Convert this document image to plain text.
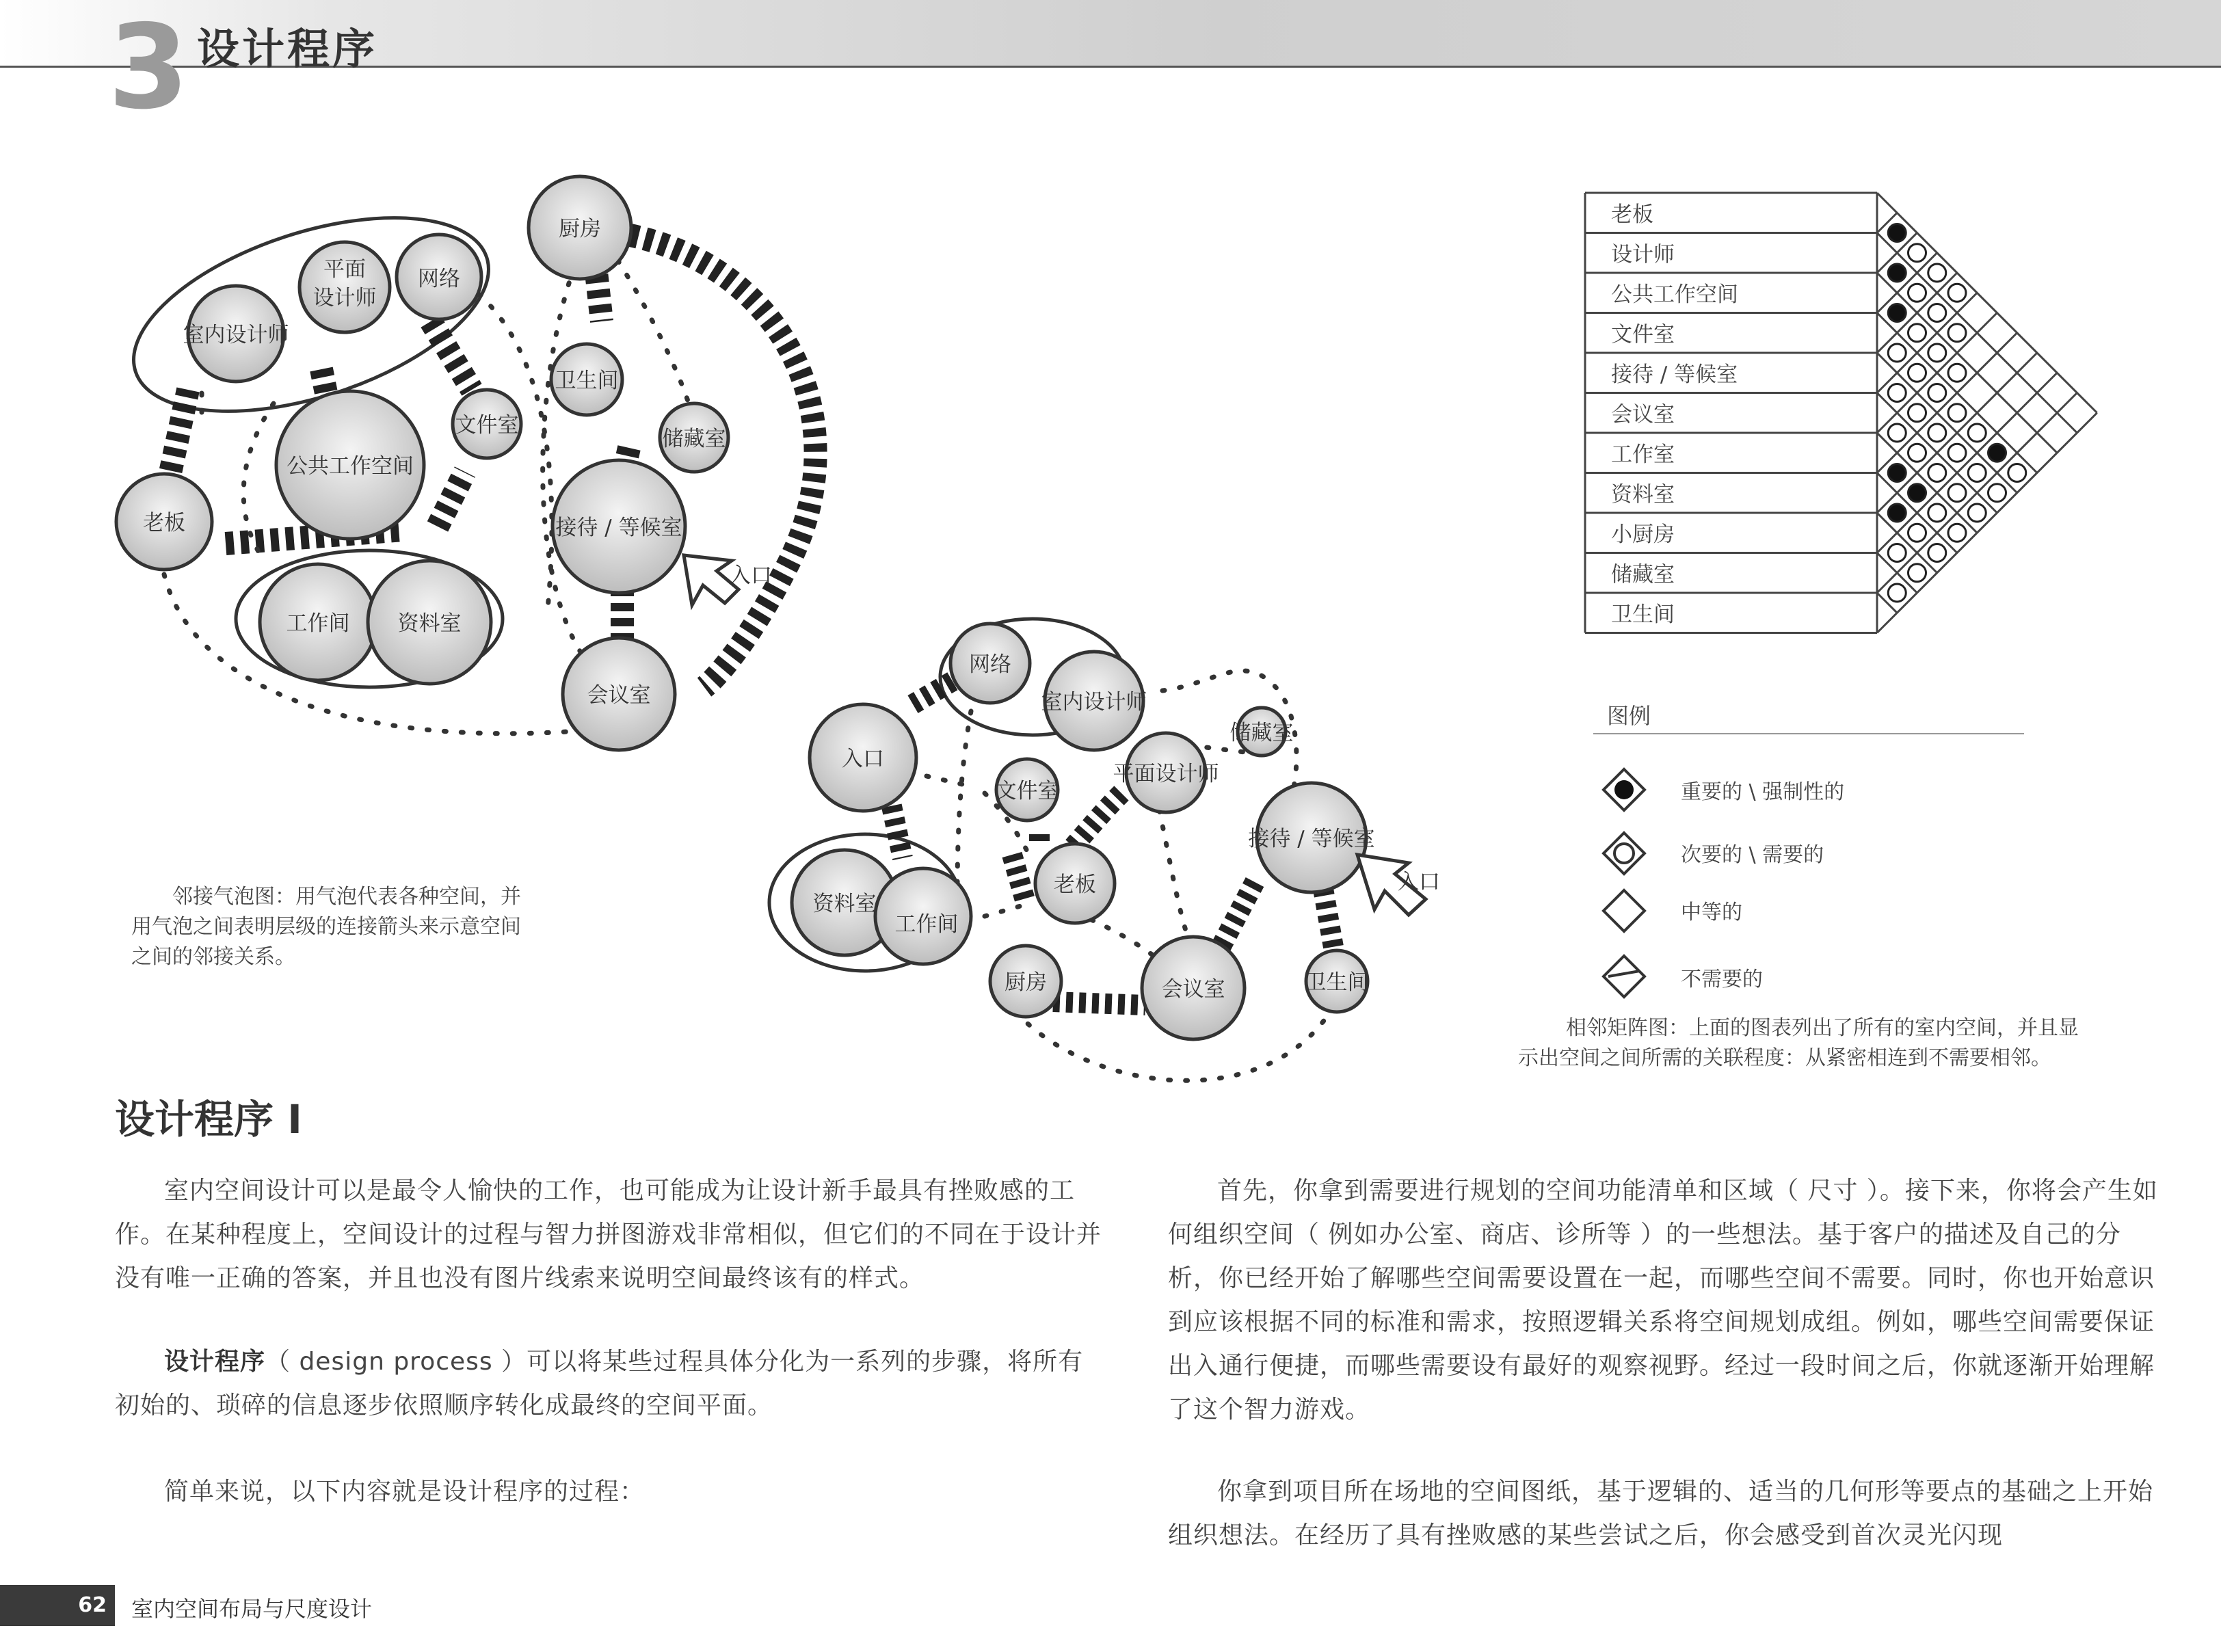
3 设计程序
室内设计师
平面
设计师
网络
厨房
卫生间
文件室
储藏室
公共工作空间
老板	接待 / 等候室
入口
工作间 资料室
会议室
网络
室内设计师
储藏室
入口
文件室
平面设计师
接待 / 等候室
入口
资料室
工作间
老板
厨房	会议室	卫生间
老板
设计师
公共工作空间
文件室
接待 / 等候室
会议室
工作室
资料室
小厨房
储藏室
卫生间
图例
重要的 \ 强制性的
次要的 \ 需要的
中等的
不需要的
邻接气泡图：用气泡代表各种空间，并
用气泡之间表明层级的连接箭头来示意空间
之间的邻接关系。
相邻矩阵图：上面的图表列出了所有的室内空间，并且显
示出空间之间所需的关联程度：从紧密相连到不需要相邻。
设计程序 Ⅰ

室内空间设计可以是最令人愉快的工作，也可能成为让设计新手最具有挫败感的工作。在某种程度上，空间设计的过程与智力拼图游戏非常相似，但它们的不同在于设计并没有唯一正确的答案，并且也没有图片线索来说明空间最终该有的样式。

设计程序（ design process ）可以将某些过程具体分化为一系列的步骤，将所有初始的、琐碎的信息逐步依照顺序转化成最终的空间平面。

简单来说，以下内容就是设计程序的过程：

首先，你拿到需要进行规划的空间功能清单和区域（ 尺寸 ）。接下来，你将会产生如何组织空间（ 例如办公室、商店、诊所等 ）的一些想法。基于客户的描述及自己的分析，你已经开始了解哪些空间需要设置在一起，而哪些空间不需要。同时，你也开始意识到应该根据不同的标准和需求，按照逻辑关系将空间规划成组。例如，哪些空间需要保证出入通行便捷，而哪些需要设有最好的观察视野。经过一段时间之后，你就逐渐开始理解了这个智力游戏。

你拿到项目所在场地的空间图纸，基于逻辑的、适当的几何形等要点的基础之上开始组织想法。在经历了具有挫败感的某些尝试之后，你会感受到首次灵光闪现

62	室内空间布局与尺度设计
